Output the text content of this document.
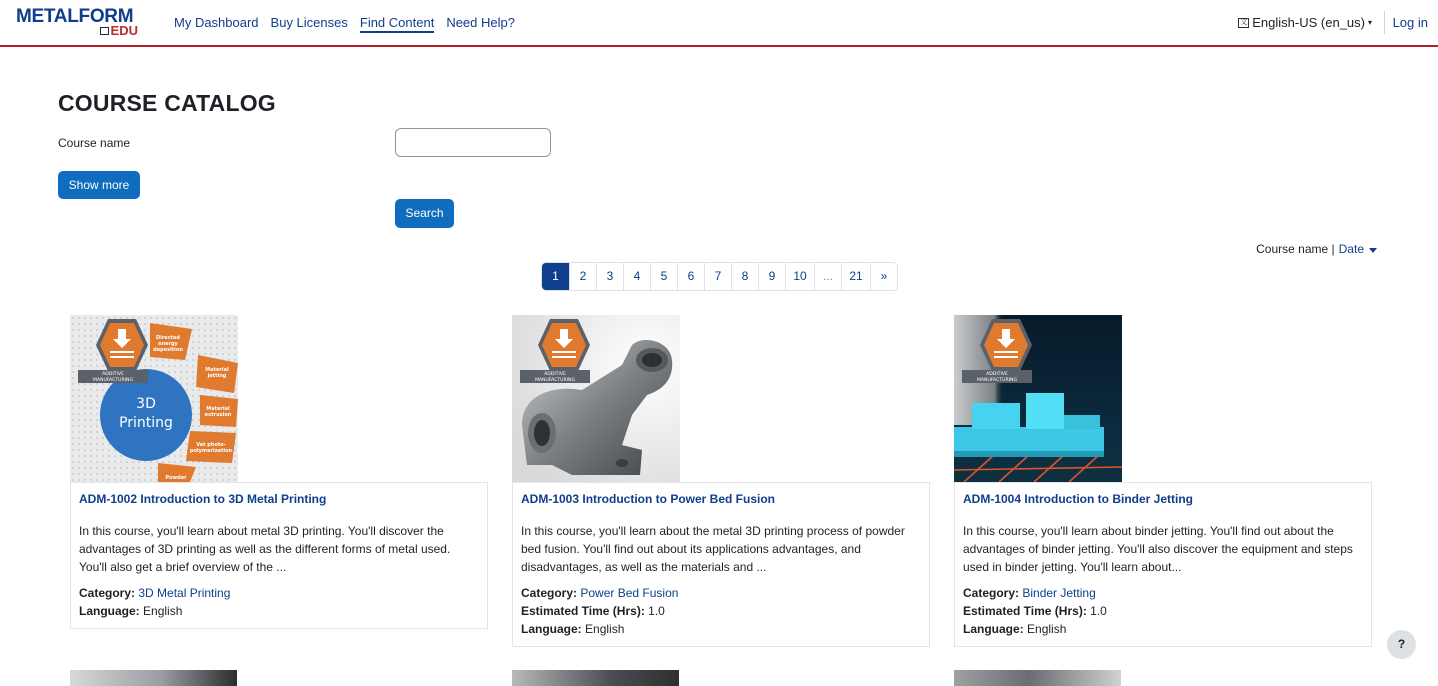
METALFORM
EDU
My Dashboard Buy Licenses Find Content Need Help?	文 English-US (en_us) ▾ Log in
COURSE CATALOG
Course name
Show more
Search
Course name | Date
1	2	3	4	5	6	7	8	9	10	...	21	»
3D
Printing
Directed
energy
deposition
Material
jetting
Material
extrusion
Vat photo-
polymerization
Powder
ADDITIVE
MANUFACTURING
ADM-1002 Introduction to 3D Metal Printing
In this course, you'll learn about metal 3D printing. You'll discover the advantages of 3D printing as well as the different forms of metal used. You'll also get a brief overview of the ...
Category: 3D Metal Printing
Language: English
ADDITIVE
MANUFACTURING
ADM-1003 Introduction to Power Bed Fusion
In this course, you'll learn about the metal 3D printing process of powder bed fusion. You'll find out about its applications advantages, and disadvantages, as well as the materials and ...
Category: Power Bed Fusion
Estimated Time (Hrs): 1.0
Language: English
ADDITIVE
MANUFACTURING
ADM-1004 Introduction to Binder Jetting
In this course, you'll learn about binder jetting. You'll find out about the advantages of binder jetting. You'll also discover the equipment and steps used in binder jetting. You'll learn about...
Category: Binder Jetting
Estimated Time (Hrs): 1.0
Language: English
?
